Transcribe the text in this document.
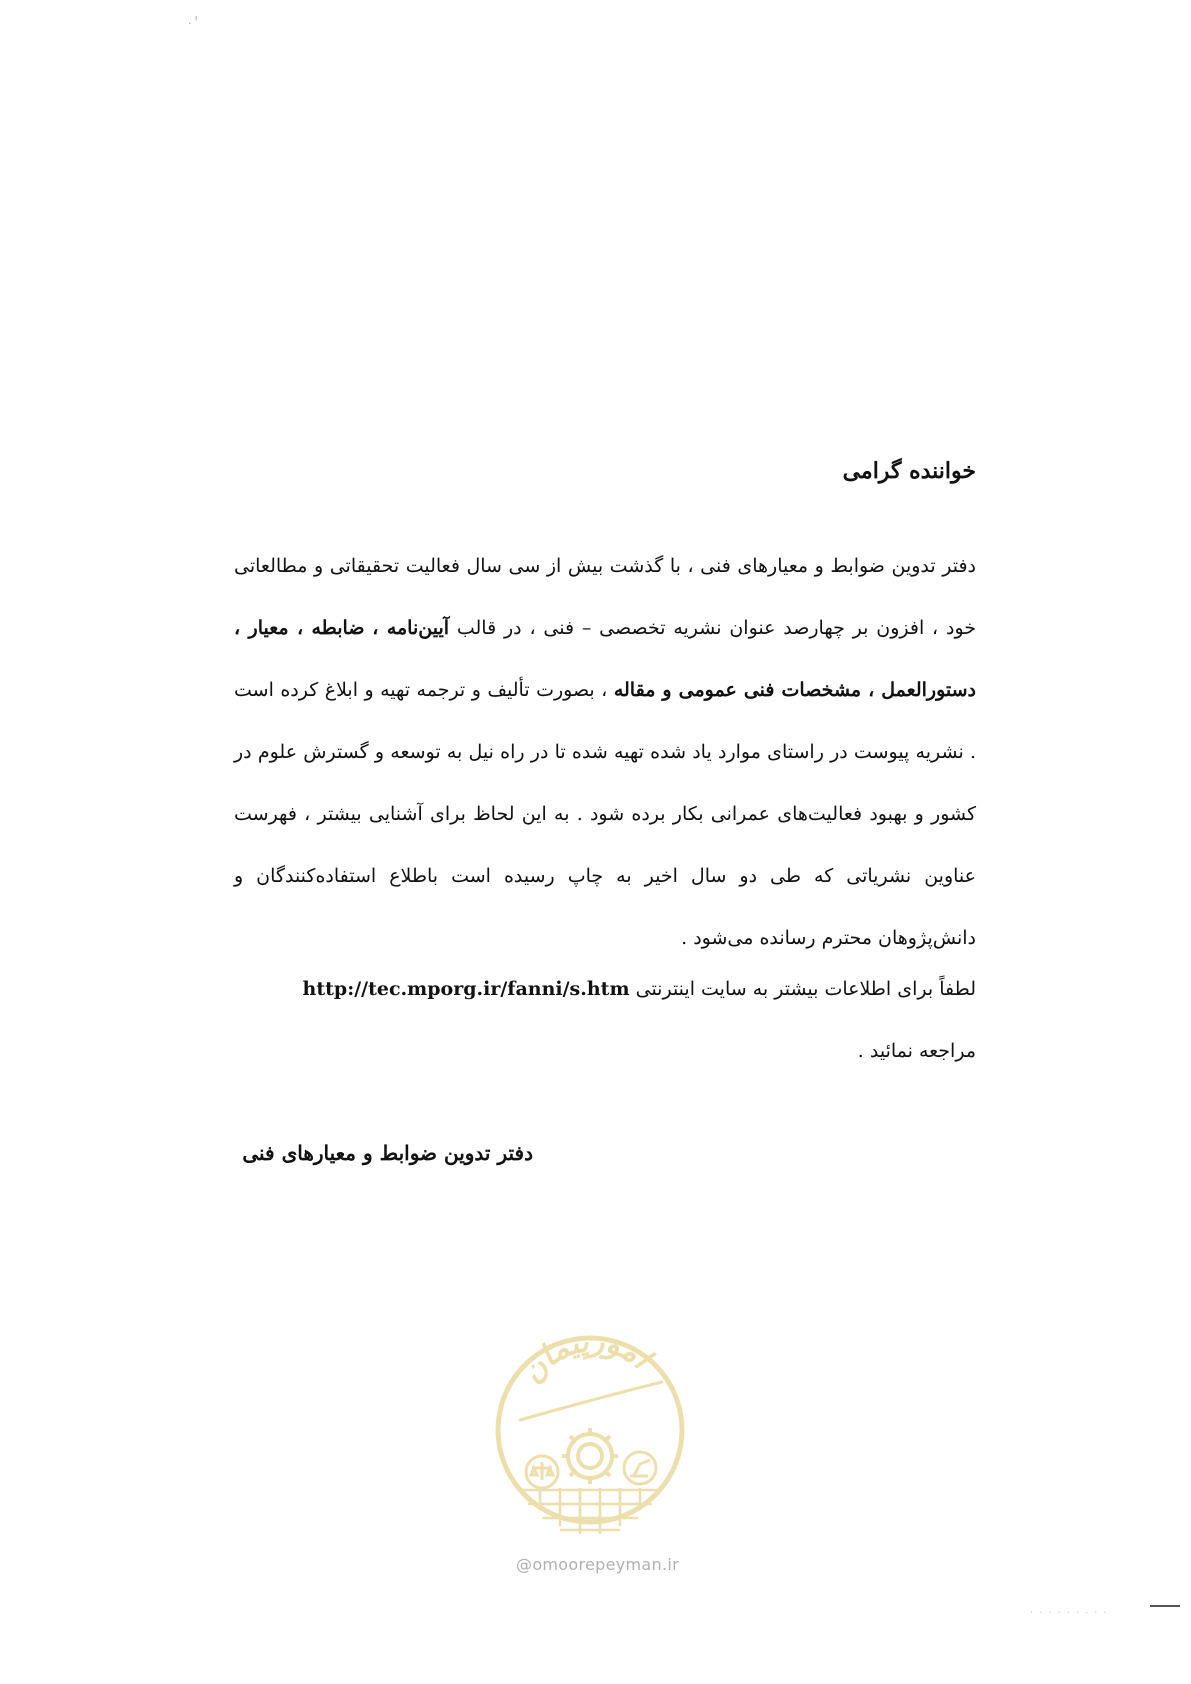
. ᑊ
خواننده گرامی

دفتر تدوین ضوابط و معیارهای فنی ، با گذشت بیش از سی سال فعالیت تحقیقاتی و مطالعاتی خود ، افزون بر چهارصد عنوان نشریه تخصصی – فنی ، در قالب آیین‌نامه ، ضابطه ، معیار ، دستورالعمل ، مشخصات فنی عمومی و مقاله ، بصورت تألیف و ترجمه تهیه و ابلاغ کرده است . نشریه پیوست در راستای موارد یاد شده تهیه شده تا در راه نیل به توسعه و گسترش علوم در کشور و بهبود فعالیت‌های عمرانی بکار برده شود . به این لحاظ برای آشنایی بیشتر ، فهرست عناوین نشریاتی که طی دو سال اخیر به چاپ رسیده است باطلاع استفاده‌کنندگان و دانش‌پژوهان محترم رسانده می‌شود .

لطفاً برای اطلاعات بیشتر به سایت اینترنتی http://tec.mporg.ir/fanni/s.htm
مراجعه نمائید .

دفتر تدوین ضوابط و معیارهای فنی

امورپیمان
@omoorepeyman.ir
.........
